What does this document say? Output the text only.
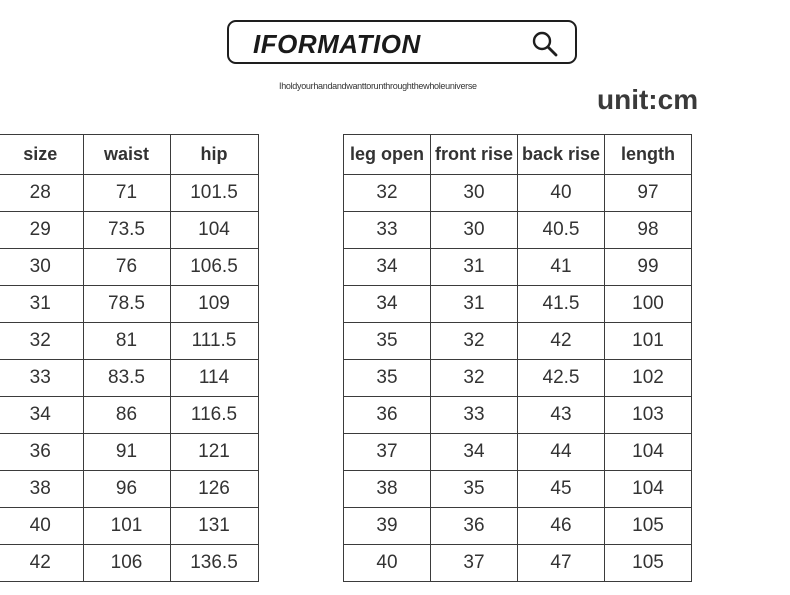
IFORMATION
Iholdyourhandandwanttorunthroughthewholeuniverse	unit:cm
size	waist	hip
28	71	101.5
29	73.5	104
30	76	106.5
31	78.5	109
32	81	111.5
33	83.5	114
34	86	116.5
36	91	121
38	96	126
40	101	131
42	106	136.5
leg open	front rise	back rise	length
32	30	40	97
33	30	40.5	98
34	31	41	99
34	31	41.5	100
35	32	42	101
35	32	42.5	102
36	33	43	103
37	34	44	104
38	35	45	104
39	36	46	105
40	37	47	105
